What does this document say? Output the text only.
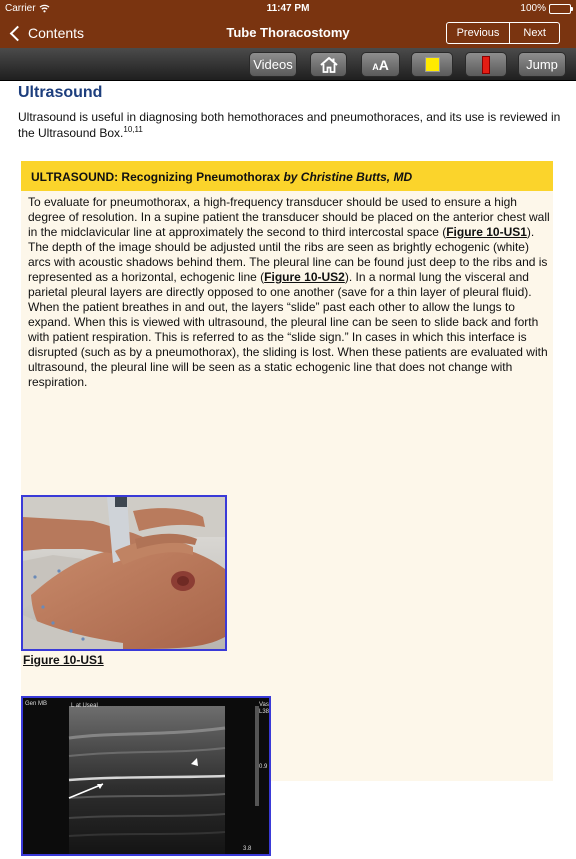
Carrier	11:47 PM	100%
Contents	Tube Thoracostomy	Previous	Next
Videos	AA	Jump
Ultrasound

Ultrasound is useful in diagnosing both hemothoraces and pneumothoraces, and its use is reviewed in the Ultrasound Box.$^{10,11}$

ULTRASOUND: Recognizing Pneumothorax by Christine Butts, MD

To evaluate for pneumothorax, a high-frequency transducer should be used to ensure a high degree of resolution. In a supine patient the transducer should be placed on the anterior chest wall in the midclavicular line at approximately the second to third intercostal space (Figure 10-US1). The depth of the image should be adjusted until the ribs are seen as brightly echogenic (white) arcs with acoustic shadows behind them. The pleural line can be found just deep to the ribs and is represented as a horizontal, echogenic line (Figure 10-US2). In a normal lung the visceral and parietal pleural layers are directly opposed to one another (save for a thin layer of pleural fluid). When the patient breathes in and out, the layers “slide” past each other to allow the lungs to expand. When this is viewed with ultrasound, the pleural line can be seen to slide back and forth with patient respiration. This is referred to as the “slide sign.” In cases in which this interface is disrupted (such as by a pneumothorax), the sliding is lost. When these patients are evaluated with ultrasound, the pleural line will be seen as a static echogenic line that does not change with respiration.

Figure 10-US1
Gen MB	L at Useal	Vas
L38
0.9
3.8
